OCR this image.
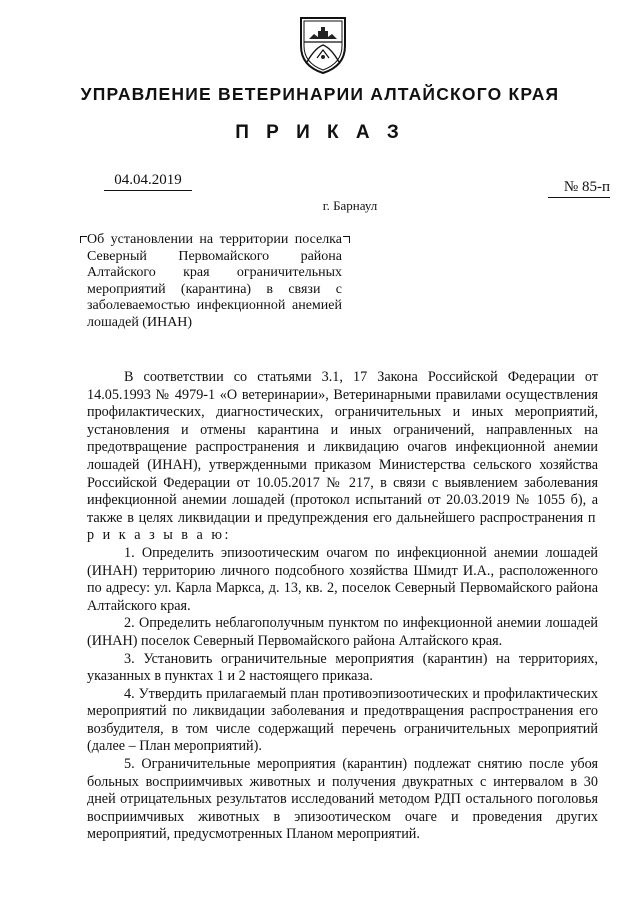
УПРАВЛЕНИЕ ВЕТЕРИНАРИИ АЛТАЙСКОГО КРАЯ
П Р И К А З
04.04.2019
г. Барнаул
№ 85-п
Об установлении на территории поселка Северный Первомайского района Алтайского края ограничительных мероприятий (карантина) в связи с заболеваемостью инфекционной анемией лошадей (ИНАН)

В соответствии со статьями 3.1, 17 Закона Российской Федерации от 14.05.1993 № 4979-1 «О ветеринарии», Ветеринарными правилами осуществления профилактических, диагностических, ограничительных и иных мероприятий, установления и отмены карантина и иных ограничений, направленных на предотвращение распространения и ликвидацию очагов инфекционной анемии лошадей (ИНАН), утвержденными приказом Министерства сельского хозяйства Российской Федерации от 10.05.2017 № 217, в связи с выявлением заболевания инфекционной анемии лошадей (протокол испытаний от 20.03.2019 № 1055 б), а также в целях ликвидации и предупреждения его дальнейшего распространения п р и к а з ы в а ю:

1. Определить эпизоотическим очагом по инфекционной анемии лошадей (ИНАН) территорию личного подсобного хозяйства Шмидт И.А., расположенного по адресу: ул. Карла Маркса, д. 13, кв. 2, поселок Северный Первомайского района Алтайского края.

2. Определить неблагополучным пунктом по инфекционной анемии лошадей (ИНАН) поселок Северный Первомайского района Алтайского края.

3. Установить ограничительные мероприятия (карантин) на территориях, указанных в пунктах 1 и 2 настоящего приказа.

4. Утвердить прилагаемый план противоэпизоотических и профилактических мероприятий по ликвидации заболевания и предотвращения распространения его возбудителя, в том числе содержащий перечень ограничительных мероприятий (далее – План мероприятий).

5. Ограничительные мероприятия (карантин) подлежат снятию после убоя больных восприимчивых животных и получения двукратных с интервалом в 30 дней отрицательных результатов исследований методом РДП остального поголовья восприимчивых животных в эпизоотическом очаге и проведения других мероприятий, предусмотренных Планом мероприятий.
